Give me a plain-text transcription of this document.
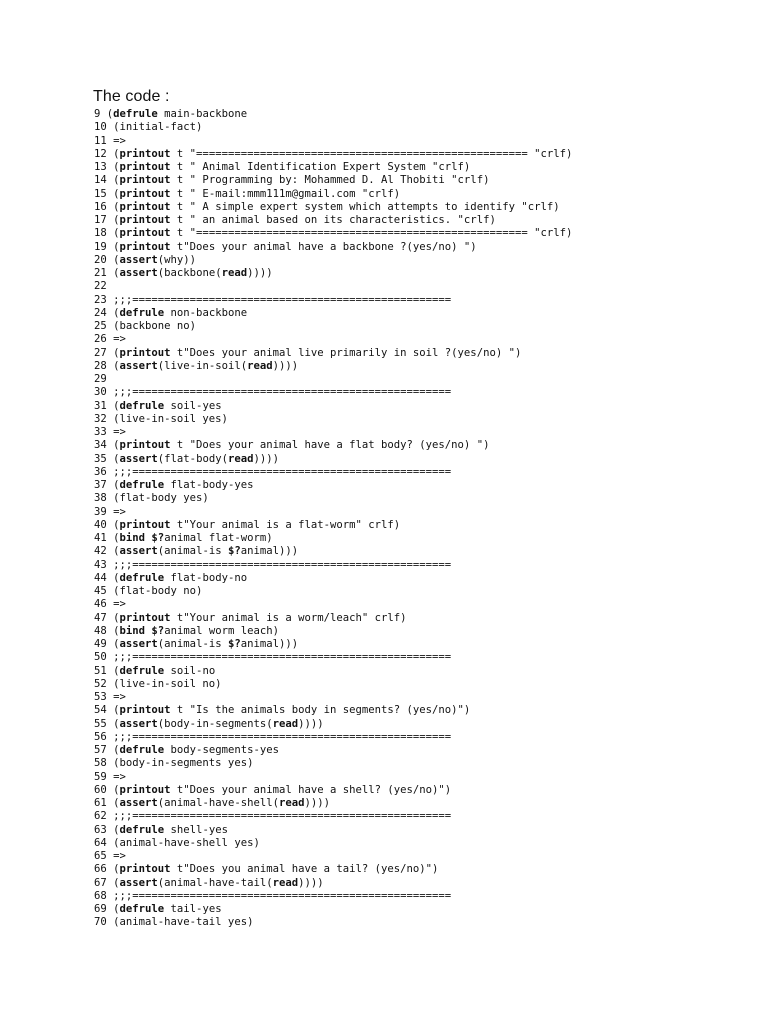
The code :
9 (defrule main-backbone
10 (initial-fact)
11 =>
12 (printout t "==================================================== "crlf)
13 (printout t " Animal Identification Expert System "crlf)
14 (printout t " Programming by: Mohammed D. Al Thobiti "crlf)
15 (printout t " E-mail:mmm111m@gmail.com "crlf)
16 (printout t " A simple expert system which attempts to identify "crlf)
17 (printout t " an animal based on its characteristics. "crlf)
18 (printout t "==================================================== "crlf)
19 (printout t"Does your animal have a backbone ?(yes/no) ")
20 (assert(why))
21 (assert(backbone(read))))
22
23 ;;;==================================================
24 (defrule non-backbone
25 (backbone no)
26 =>
27 (printout t"Does your animal live primarily in soil ?(yes/no) ")
28 (assert(live-in-soil(read))))
29
30 ;;;==================================================
31 (defrule soil-yes
32 (live-in-soil yes)
33 =>
34 (printout t "Does your animal have a flat body? (yes/no) ")
35 (assert(flat-body(read))))
36 ;;;==================================================
37 (defrule flat-body-yes
38 (flat-body yes)
39 =>
40 (printout t"Your animal is a flat-worm" crlf)
41 (bind $?animal flat-worm)
42 (assert(animal-is $?animal)))
43 ;;;==================================================
44 (defrule flat-body-no
45 (flat-body no)
46 =>
47 (printout t"Your animal is a worm/leach" crlf)
48 (bind $?animal worm leach)
49 (assert(animal-is $?animal)))
50 ;;;==================================================
51 (defrule soil-no
52 (live-in-soil no)
53 =>
54 (printout t "Is the animals body in segments? (yes/no)")
55 (assert(body-in-segments(read))))
56 ;;;==================================================
57 (defrule body-segments-yes
58 (body-in-segments yes)
59 =>
60 (printout t"Does your animal have a shell? (yes/no)")
61 (assert(animal-have-shell(read))))
62 ;;;==================================================
63 (defrule shell-yes
64 (animal-have-shell yes)
65 =>
66 (printout t"Does you animal have a tail? (yes/no)")
67 (assert(animal-have-tail(read))))
68 ;;;==================================================
69 (defrule tail-yes
70 (animal-have-tail yes)
